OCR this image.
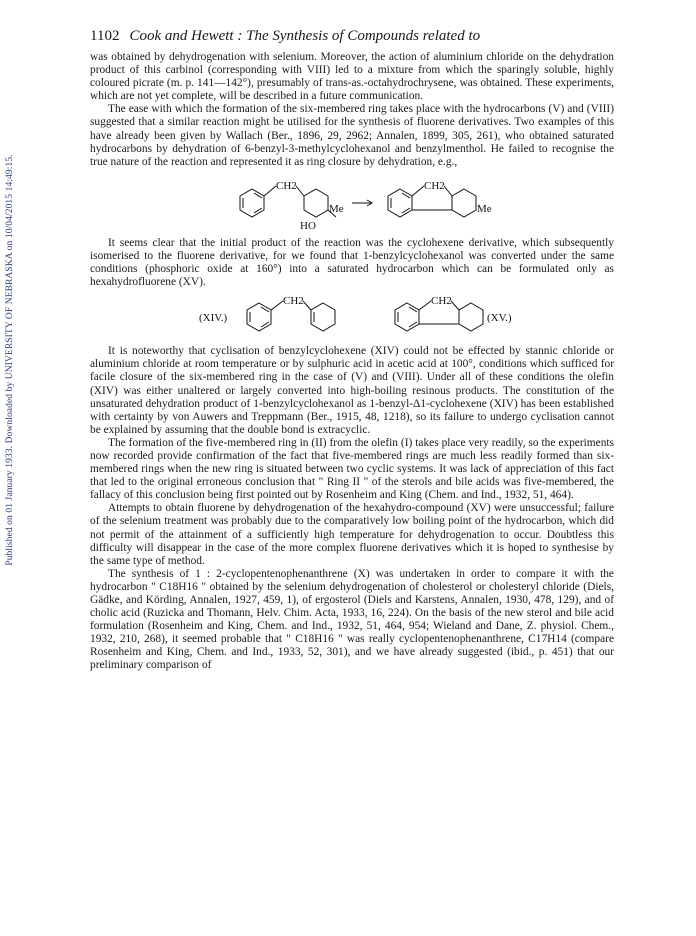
Published on 01 January 1933. Downloaded by UNIVERSITY OF NEBRASKA on 10/04/2015 14:49:15.
1102 Cook and Hewett : The Synthesis of Compounds related to

was obtained by dehydrogenation with selenium. Moreover, the action of aluminium chloride on the dehydration product of this carbinol (corresponding with VIII) led to a mixture from which the sparingly soluble, highly coloured picrate (m. p. 141—142°), presumably of trans-as.-octahydrochrysene, was obtained. These experiments, which are not yet complete, will be described in a future communication.

The ease with which the formation of the six-membered ring takes place with the hydrocarbons (V) and (VIII) suggested that a similar reaction might be utilised for the synthesis of fluorene derivatives. Two examples of this have already been given by Wallach (Ber., 1896, 29, 2962; Annalen, 1899, 305, 261), who obtained saturated hydrocarbons by dehydration of 6-benzyl-3-methylcyclohexanol and benzylmenthol. He failed to recognise the true nature of the reaction and represented it as ring closure by dehydration, e.g.,

CH2
Me
HO
CH2
Me

It seems clear that the initial product of the reaction was the cyclohexene derivative, which subsequently isomerised to the fluorene derivative, for we found that 1-benzylcyclohexanol was converted under the same conditions (phosphoric oxide at 160°) into a saturated hydrocarbon which can be formulated only as hexahydrofluorene (XV).

(XIV.)
CH2	CH2
(XV.)

It is noteworthy that cyclisation of benzylcyclohexene (XIV) could not be effected by stannic chloride or aluminium chloride at room temperature or by sulphuric acid in acetic acid at 100°, conditions which sufficed for facile closure of the six-membered ring in the case of (V) and (VIII). Under all of these conditions the olefin (XIV) was either unaltered or largely converted into high-boiling resinous products. The constitution of the unsaturated dehydration product of 1-benzylcyclohexanol as 1-benzyl-Δ1-cyclohexene (XIV) has been established with certainty by von Auwers and Treppmann (Ber., 1915, 48, 1218), so its failure to undergo cyclisation cannot be explained by assuming that the double bond is extracyclic.

The formation of the five-membered ring in (II) from the olefin (I) takes place very readily, so the experiments now recorded provide confirmation of the fact that five-membered rings are much less readily formed than six-membered rings when the new ring is situated between two cyclic systems. It was lack of appreciation of this fact that led to the original erroneous conclusion that " Ring II " of the sterols and bile acids was five-membered, the fallacy of this conclusion being first pointed out by Rosenheim and King (Chem. and Ind., 1932, 51, 464).

Attempts to obtain fluorene by dehydrogenation of the hexahydro-compound (XV) were unsuccessful; failure of the selenium treatment was probably due to the comparatively low boiling point of the hydrocarbon, which did not permit of the attainment of a sufficiently high temperature for dehydrogenation to occur. Doubtless this difficulty will disappear in the case of the more complex fluorene derivatives which it is hoped to synthesise by the same type of method.

The synthesis of 1 : 2-cyclopentenophenanthrene (X) was undertaken in order to compare it with the hydrocarbon " C18H16 " obtained by the selenium dehydrogenation of cholesterol or cholesteryl chloride (Diels, Gädke, and Körding, Annalen, 1927, 459, 1), of ergosterol (Diels and Karstens, Annalen, 1930, 478, 129), and of cholic acid (Ruzicka and Thomann, Helv. Chim. Acta, 1933, 16, 224). On the basis of the new sterol and bile acid formulation (Rosenheim and King, Chem. and Ind., 1932, 51, 464, 954; Wieland and Dane, Z. physiol. Chem., 1932, 210, 268), it seemed probable that " C18H16 " was really cyclopentenophenanthrene, C17H14 (compare Rosenheim and King, Chem. and Ind., 1933, 52, 301), and we have already suggested (ibid., p. 451) that our preliminary comparison of
